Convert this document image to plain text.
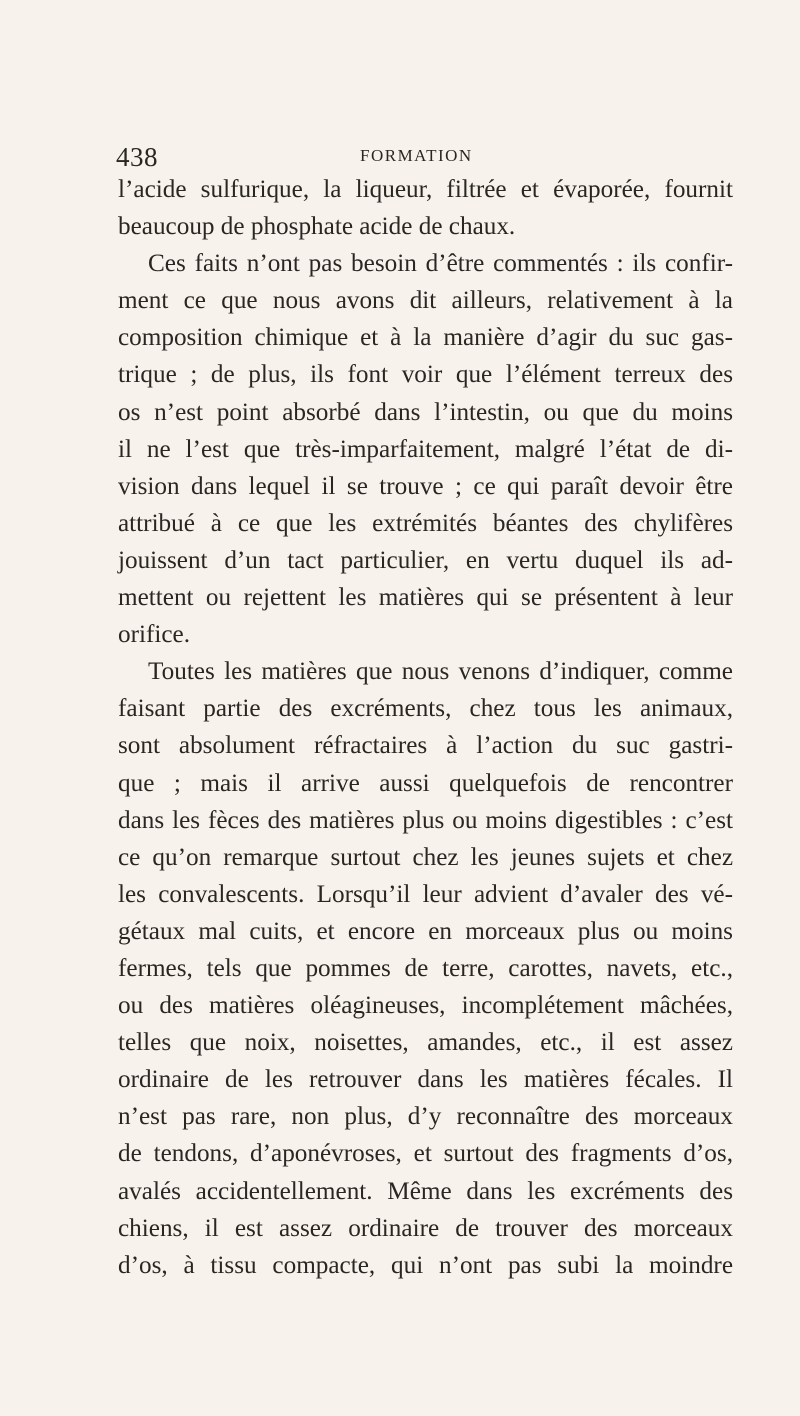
438	FORMATION
l’acide sulfurique, la liqueur, filtrée et évaporée, fournit
beaucoup de phosphate acide de chaux.
Ces faits n’ont pas besoin d’être commentés : ils confir-
ment ce que nous avons dit ailleurs, relativement à la
composition chimique et à la manière d’agir du suc gas-
trique ; de plus, ils font voir que l’élément terreux des
os n’est point absorbé dans l’intestin, ou que du moins
il ne l’est que très-imparfaitement, malgré l’état de di-
vision dans lequel il se trouve ; ce qui paraît devoir être
attribué à ce que les extrémités béantes des chylifères
jouissent d’un tact particulier, en vertu duquel ils ad-
mettent ou rejettent les matières qui se présentent à leur
orifice.
Toutes les matières que nous venons d’indiquer, comme
faisant partie des excréments, chez tous les animaux,
sont absolument réfractaires à l’action du suc gastri-
que ; mais il arrive aussi quelquefois de rencontrer
dans les fèces des matières plus ou moins digestibles : c’est
ce qu’on remarque surtout chez les jeunes sujets et chez
les convalescents. Lorsqu’il leur advient d’avaler des vé-
gétaux mal cuits, et encore en morceaux plus ou moins
fermes, tels que pommes de terre, carottes, navets, etc.,
ou des matières oléagineuses, incomplétement mâchées,
telles que noix, noisettes, amandes, etc., il est assez
ordinaire de les retrouver dans les matières fécales. Il
n’est pas rare, non plus, d’y reconnaître des morceaux
de tendons, d’aponévroses, et surtout des fragments d’os,
avalés accidentellement. Même dans les excréments des
chiens, il est assez ordinaire de trouver des morceaux
d’os, à tissu compacte, qui n’ont pas subi la moindre
